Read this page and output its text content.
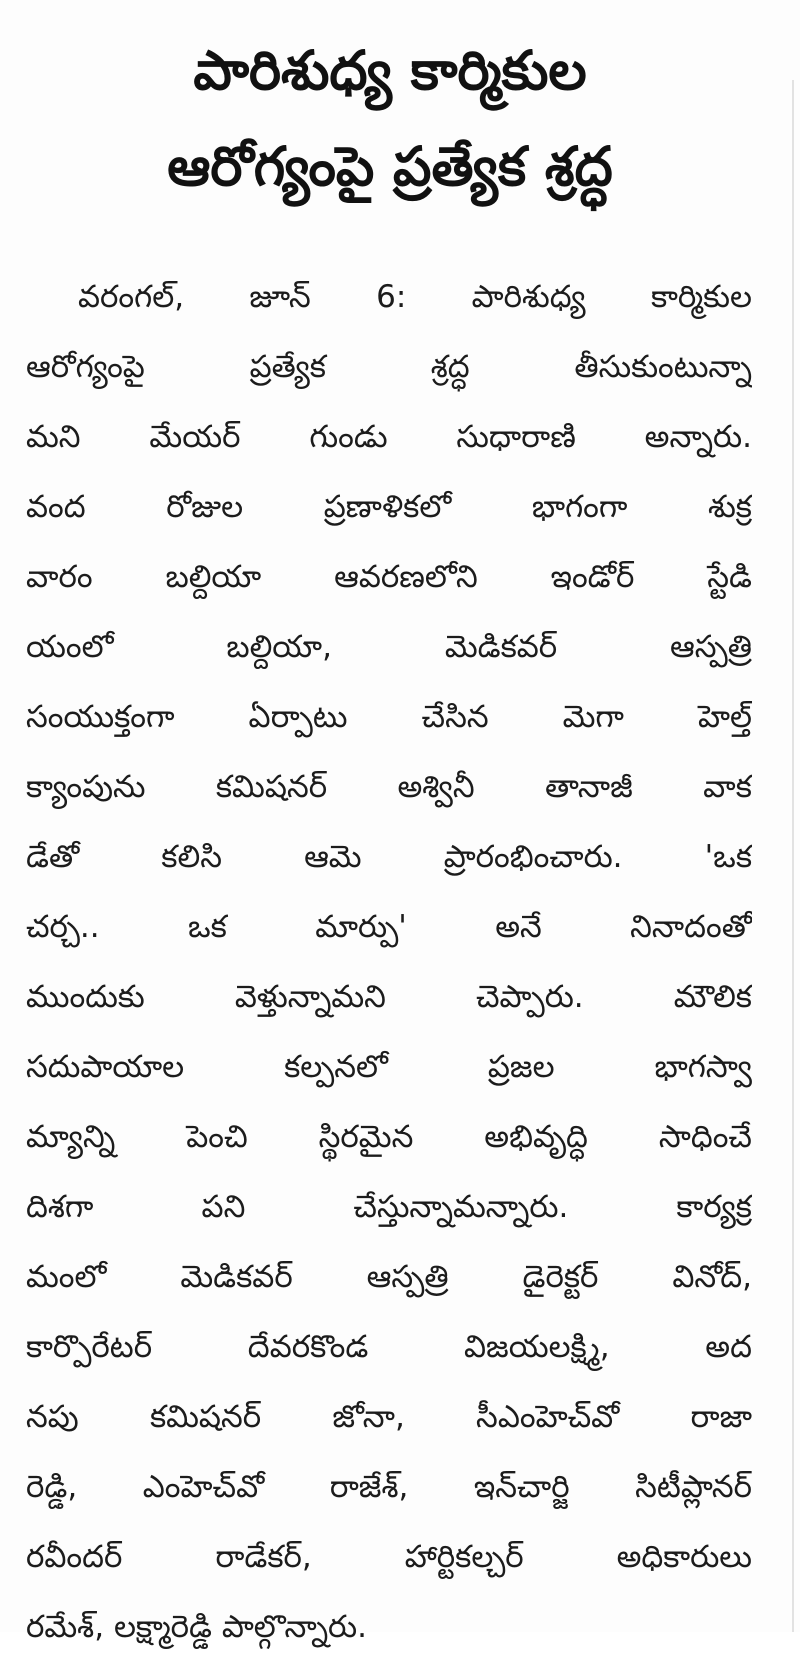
పారిశుధ్య కార్మికుల
ఆరోగ్యంపై ప్రత్యేక శ్రద్ధ
వరంగల్, జూన్ 6: పారిశుధ్య కార్మికుల
ఆరోగ్యంపై ప్రత్యేక శ్రద్ధ తీసుకుంటున్నా
మని మేయర్ గుండు సుధారాణి అన్నారు.
వంద రోజుల ప్రణాళికలో భాగంగా శుక్ర
వారం బల్దియా ఆవరణలోని ఇండోర్ స్టేడి
యంలో బల్దియా, మెడికవర్ ఆస్పత్రి
సంయుక్తంగా ఏర్పాటు చేసిన మెగా హెల్త్
క్యాంపును కమిషనర్ అశ్వినీ తానాజీ వాక
డేతో కలిసి ఆమె ప్రారంభించారు. 'ఒక
చర్చ.. ఒక మార్పు' అనే నినాదంతో
ముందుకు వెళ్తున్నామని చెప్పారు. మౌలిక
సదుపాయాల కల్పనలో ప్రజల భాగస్వా
మ్యాన్ని పెంచి స్థిరమైన అభివృద్ధి సాధించే
దిశగా పని చేస్తున్నామన్నారు. కార్యక్ర
మంలో మెడికవర్ ఆస్పత్రి డైరెక్టర్ వినోద్,
కార్పొరేటర్ దేవరకొండ విజయలక్ష్మి, అద
నపు కమిషనర్ జోనా, సీఎంహెచ్‌వో రాజా
రెడ్డి, ఎంహెచ్‌వో రాజేశ్, ఇన్‌చార్జి సిటీప్లానర్
రవీందర్ రాడేకర్, హార్టికల్చర్ అధికారులు
రమేశ్, లక్ష్మారెడ్డి పాల్గొన్నారు.
